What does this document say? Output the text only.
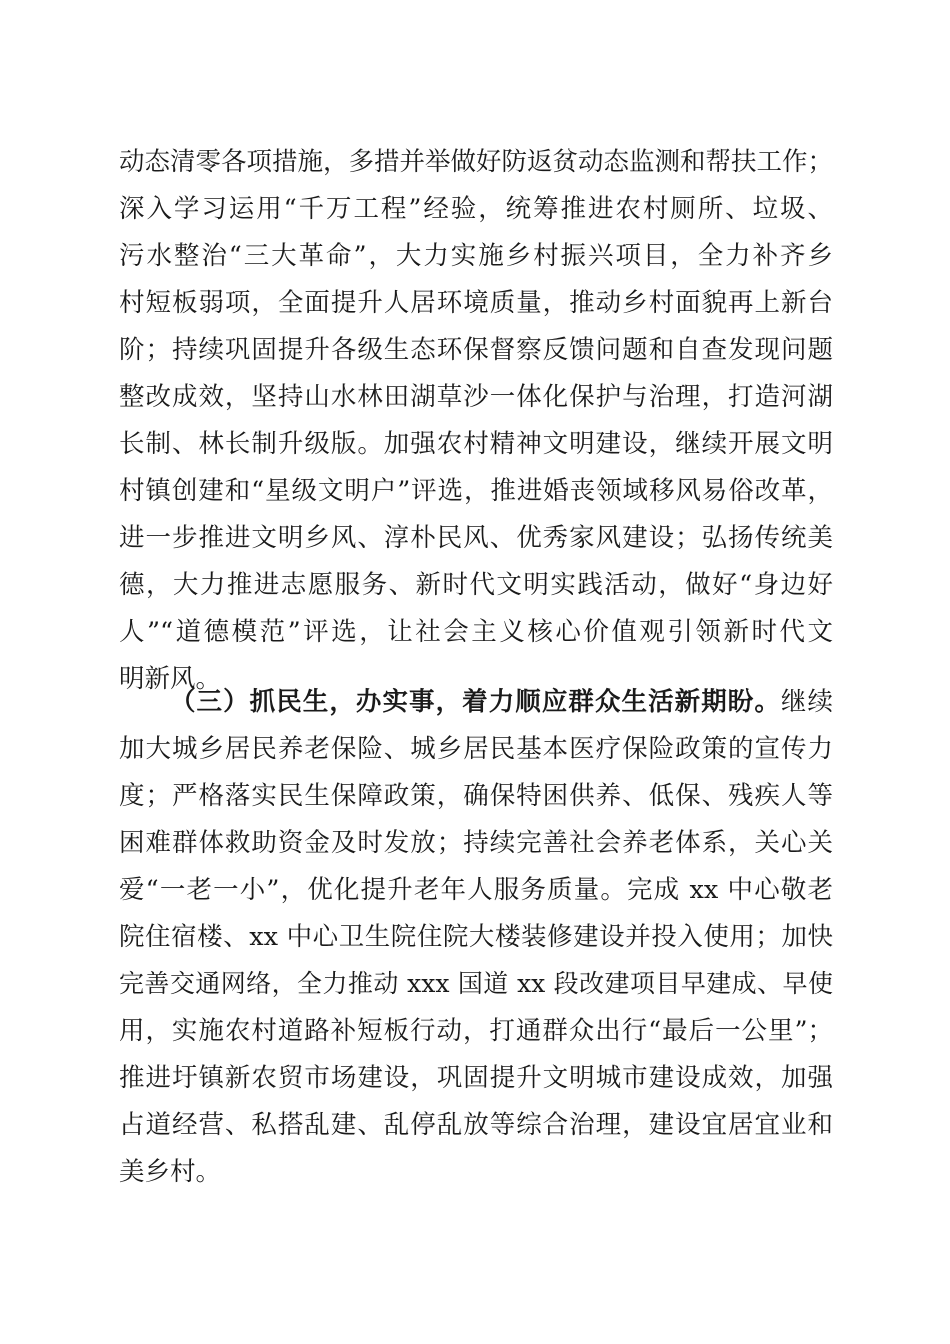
动态清零各项措施，多措并举做好防返贫动态监测和帮扶工作；
深入学习运用“千万工程”经验，统筹推进农村厕所、垃圾、
污水整治“三大革命”，大力实施乡村振兴项目，全力补齐乡
村短板弱项，全面提升人居环境质量，推动乡村面貌再上新台
阶；持续巩固提升各级生态环保督察反馈问题和自查发现问题
整改成效，坚持山水林田湖草沙一体化保护与治理，打造河湖
长制、林长制升级版。加强农村精神文明建设，继续开展文明
村镇创建和“星级文明户”评选，推进婚丧领域移风易俗改革，
进一步推进文明乡风、淳朴民风、优秀家风建设；弘扬传统美
德，大力推进志愿服务、新时代文明实践活动，做好“身边好
人”“道德模范”评选，让社会主义核心价值观引领新时代文
明新风。
（三）抓民生，办实事，着力顺应群众生活新期盼。继续
加大城乡居民养老保险、城乡居民基本医疗保险政策的宣传力
度；严格落实民生保障政策，确保特困供养、低保、残疾人等
困难群体救助资金及时发放；持续完善社会养老体系，关心关
爱“一老一小”，优化提升老年人服务质量。完成 xx 中心敬老
院住宿楼、xx 中心卫生院住院大楼装修建设并投入使用；加快
完善交通网络，全力推动 xxx 国道 xx 段改建项目早建成、早使
用，实施农村道路补短板行动，打通群众出行“最后一公里”；
推进圩镇新农贸市场建设，巩固提升文明城市建设成效，加强
占道经营、私搭乱建、乱停乱放等综合治理，建设宜居宜业和
美乡村。
